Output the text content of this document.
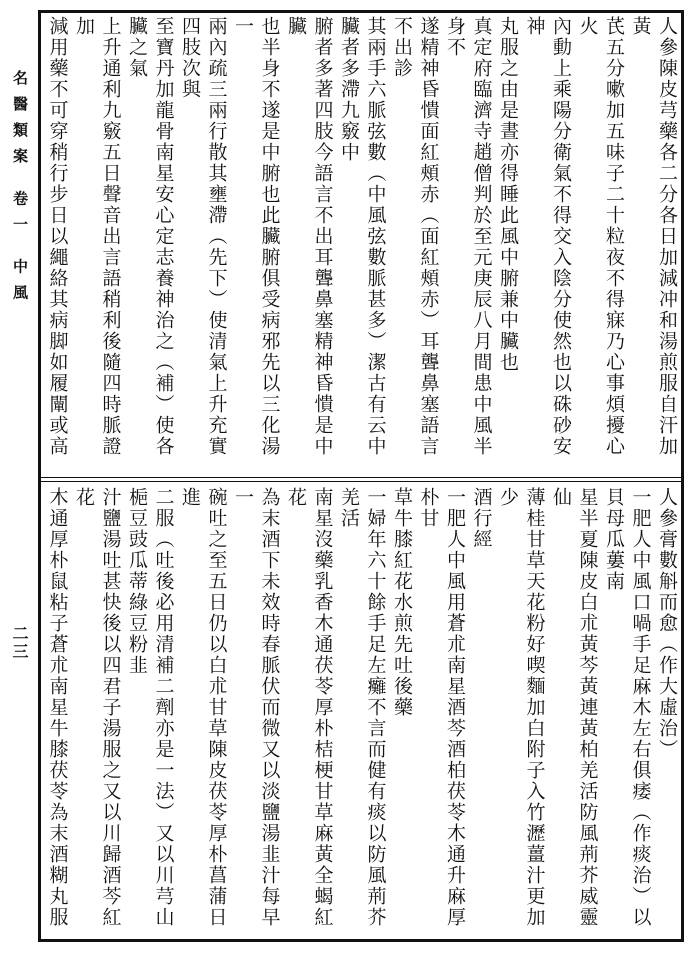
名醫類案 卷一 中風
二三
人參陳皮芎藥各二分各日加減冲和湯煎服自汗加黃
芪五分嗽加五味子二十粒夜不得寐乃心事煩擾心火
內動上乘陽分衛氣不得交入陰分使然也以硃砂安神
丸服之由是晝亦得睡此風中腑兼中臟也
真定府臨濟寺趙僧判於至元庚辰八月間患中風半身不
遂精神昏憒面紅頰赤（面紅頰赤）耳聾鼻塞語言不出診
其兩手六脈弦數（中風弦數脈甚多）潔古有云中臟者多滯九竅中
腑者多著四肢今語言不出耳聾鼻塞精神昏憒是中臟
也半身不遂是中腑也此臟腑俱受病邪先以三化湯一
兩內疏三兩行散其壅滯（先下）使清氣上升充實四肢次與
至寶丹加龍骨南星安心定志養神治之（補）使各臟之氣
上升通利九竅五日聲音出言語稍利後隨四時脈證加
減用藥不可穿稍行步日以繩絡其病脚如履闡或高
人參膏數斛而愈（作大虛治）
一肥人中風口喎手足麻木左右俱痿（作痰治）以貝母瓜蔞南
星半夏陳皮白朮黃芩黃連黃柏羌活防風荊芥威靈仙
薄桂甘草天花粉好喫麵加白附子入竹瀝薑汁更加少
酒行經
一肥人中風用蒼朮南星酒芩酒柏茯苓木通升麻厚朴甘
草牛膝紅花水煎先吐後藥
一婦年六十餘手足左癱不言而健有痰以防風荊芥羌活
南星沒藥乳香木通茯苓厚朴桔梗甘草麻黃全蝎紅花
為末酒下未效時春脈伏而微又以淡鹽湯韭汁每早一
碗吐之至五日仍以白朮甘草陳皮茯苓厚朴菖蒲日進
二服（吐後必用清補二劑亦是一法）又以川芎山梔豆豉瓜蒂綠豆粉韭
汁鹽湯吐甚快後以四君子湯服之又以川歸酒芩紅花
木通厚朴鼠粘子蒼朮南星牛膝茯苓為末酒糊丸服
